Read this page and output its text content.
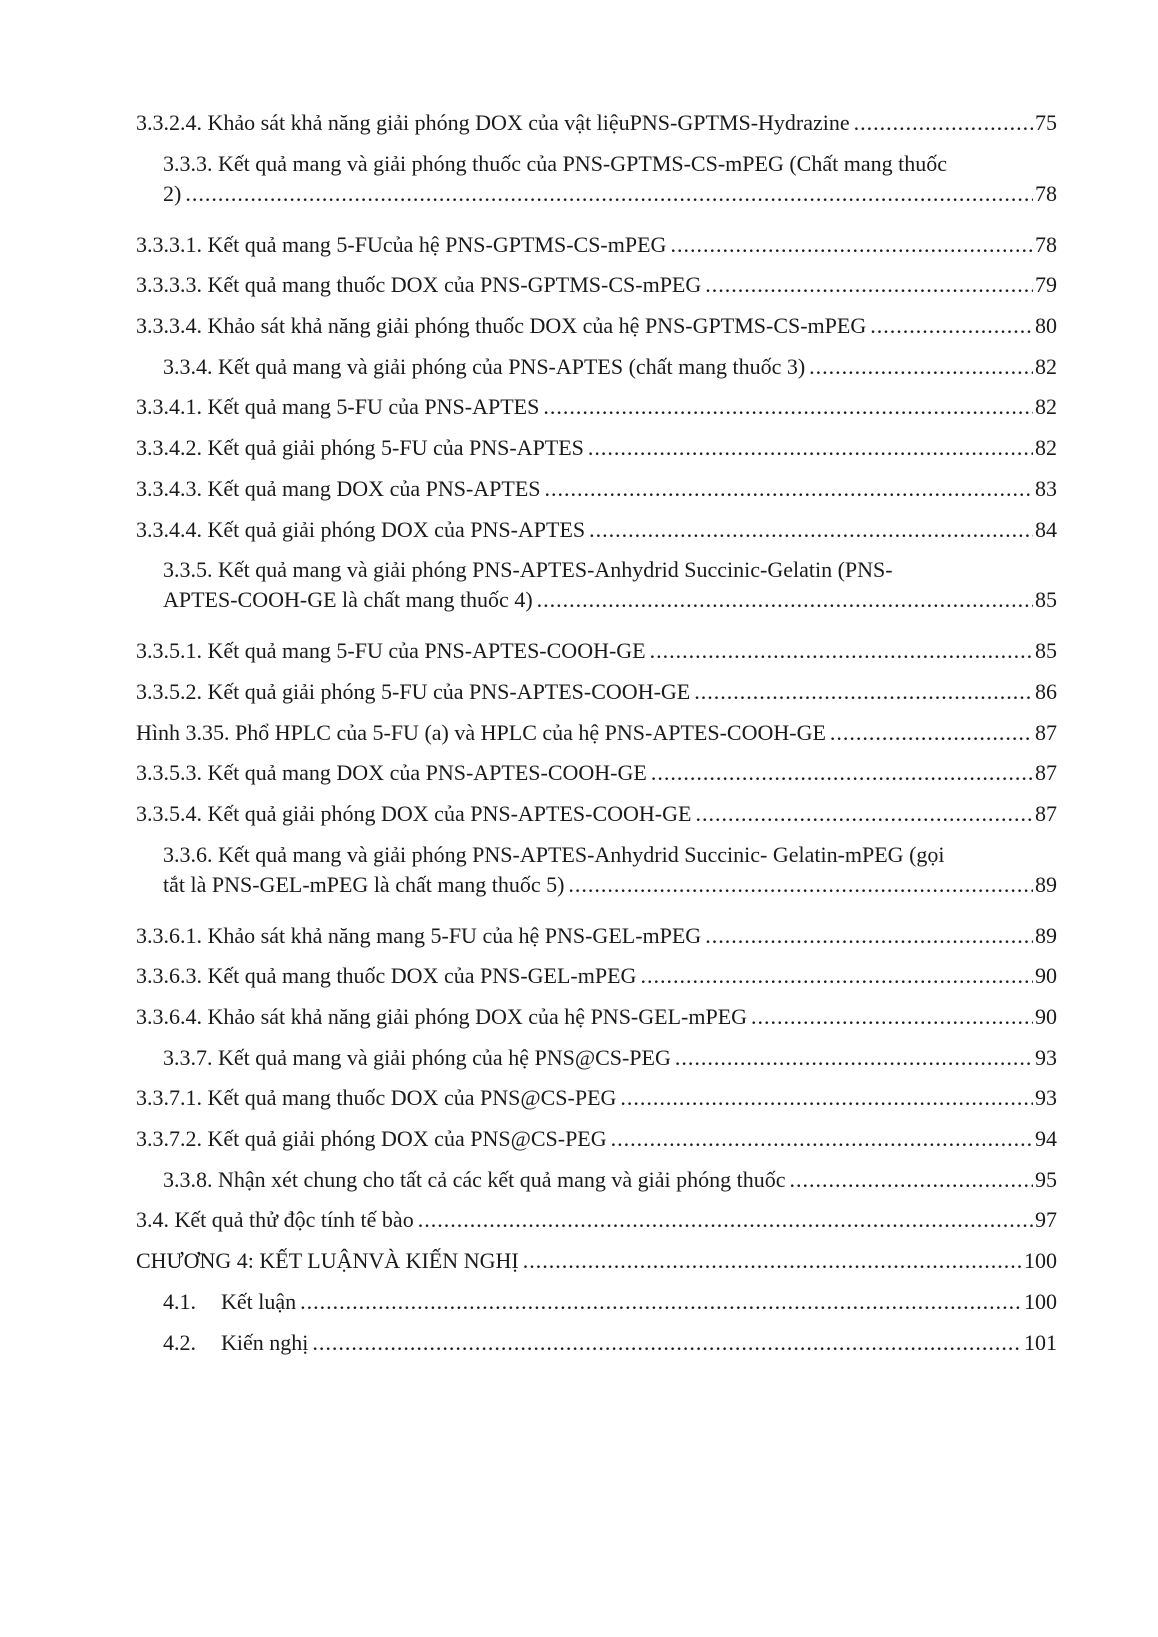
3.3.2.4. Khảo sát khả năng giải phóng DOX của vật liệuPNS-GPTMS-Hydrazine .....	75
3.3.3. Kết quả mang và giải phóng thuốc của PNS-GPTMS-CS-mPEG (Chất mang thuốc
2) .....	78
3.3.3.1. Kết quả mang 5-FUcủa hệ PNS-GPTMS-CS-mPEG .....	78
3.3.3.3. Kết quả mang thuốc DOX của PNS-GPTMS-CS-mPEG .....	79
3.3.3.4. Khảo sát khả năng giải phóng thuốc DOX của hệ PNS-GPTMS-CS-mPEG .....	80
3.3.4. Kết quả mang và giải phóng của PNS-APTES (chất mang thuốc 3) .....	82
3.3.4.1. Kết quả mang 5-FU của PNS-APTES .....	82
3.3.4.2. Kết quả giải phóng 5-FU của PNS-APTES .....	82
3.3.4.3. Kết quả mang DOX của PNS-APTES .....	83
3.3.4.4. Kết quả giải phóng DOX của PNS-APTES .....	84
3.3.5. Kết quả mang và giải phóng PNS-APTES-Anhydrid Succinic-Gelatin (PNS-
APTES-COOH-GE là chất mang thuốc 4) .....	85
3.3.5.1. Kết quả mang 5-FU của PNS-APTES-COOH-GE .....	85
3.3.5.2. Kết quả giải phóng 5-FU của PNS-APTES-COOH-GE .....	86
Hình 3.35. Phổ HPLC của 5-FU (a) và HPLC của hệ PNS-APTES-COOH-GE .....	87
3.3.5.3. Kết quả mang DOX của PNS-APTES-COOH-GE .....	87
3.3.5.4. Kết quả giải phóng DOX của PNS-APTES-COOH-GE .....	87
3.3.6. Kết quả mang và giải phóng PNS-APTES-Anhydrid Succinic- Gelatin-mPEG (gọi
tắt là PNS-GEL-mPEG là chất mang thuốc 5) .....	89
3.3.6.1. Khảo sát khả năng mang 5-FU của hệ PNS-GEL-mPEG .....	89
3.3.6.3. Kết quả mang thuốc DOX của PNS-GEL-mPEG .....	90
3.3.6.4. Khảo sát khả năng giải phóng DOX của hệ PNS-GEL-mPEG .....	90
3.3.7. Kết quả mang và giải phóng của hệ PNS@CS-PEG .....	93
3.3.7.1. Kết quả mang thuốc DOX của PNS@CS-PEG .....	93
3.3.7.2. Kết quả giải phóng DOX của PNS@CS-PEG .....	94
3.3.8. Nhận xét chung cho tất cả các kết quả mang và giải phóng thuốc .....	95
3.4. Kết quả thử độc tính tế bào .....	97
CHƯƠNG 4: KẾT LUẬNVÀ KIẾN NGHỊ .....	100
4.1. Kết luận .....	100
4.2. Kiến nghị .....	101
